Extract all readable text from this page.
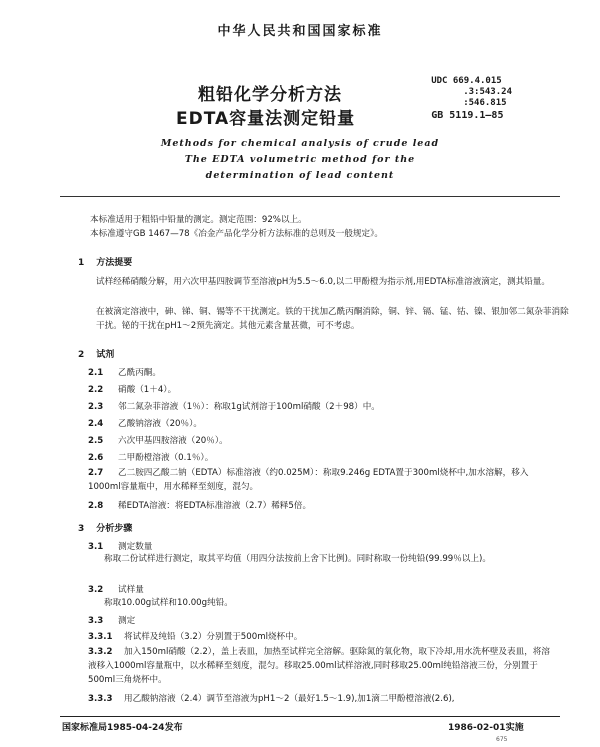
中华人民共和国国家标准
粗铅化学分析方法
EDTA容量法测定铅量
UDC 669.4.015
.3:543.24
:546.815
GB 5119.1—85
Methods for chemical analysis of crude lead
The EDTA volumetric method for the
determination of lead content
本标准适用于粗铅中铅量的测定。测定范围：92%以上。
本标准遵守GB 1467—78《冶金产品化学分析方法标准的总则及一般规定》。
1 方法提要
试样经稀硝酸分解，用六次甲基四胺调节至溶液pH为5.5～6.0,以二甲酚橙为指示剂,用EDTA标准溶液滴定，测其铅量。
在被滴定溶液中，砷、锑、铜、锡等不干扰测定。铁的干扰加乙酰丙酮消除，铜、锌、镉、锰、钴、镍、银加邻二氮杂菲消除干扰。铋的干扰在pH1～2预先滴定。其他元素含量甚微，可不考虑。
2 试剂
2.1 乙酰丙酮。
2.2 硝酸（1＋4）。
2.3 邻二氮杂菲溶液（1％）：称取1g试剂溶于100ml硝酸（2＋98）中。
2.4 乙酸钠溶液（20％）。
2.5 六次甲基四胺溶液（20％）。
2.6 二甲酚橙溶液（0.1％）。
2.7 乙二胺四乙酸二钠（EDTA）标准溶液（约0.025M）：称取9.246g EDTA置于300ml烧杯中,加水溶解，移入1000ml容量瓶中，用水稀释至刻度，混匀。
2.8 稀EDTA溶液：将EDTA标准溶液（2.7）稀释5倍。
3 分析步骤
3.1 测定数量
称取二份试样进行测定，取其平均值（用四分法按前上舍下比例)。同时称取一份纯铅(99.99％以上)。
3.2 试样量
称取10.00g试样和10.00g纯铅。
3.3 测定
3.3.1 将试样及纯铅（3.2）分别置于500ml烧杯中。
3.3.2 加入150ml硝酸（2.2），盖上表皿，加热至试样完全溶解。驱除氮的氧化物，取下冷却,用水洗杯壁及表皿，将溶液移入1000ml容量瓶中，以水稀释至刻度，混匀。移取25.00ml试样溶液,同时移取25.00ml纯铅溶液三份，分别置于500ml三角烧杯中。
3.3.3 用乙酸钠溶液（2.4）调节至溶液为pH1～2（最好1.5～1.9),加1滴二甲酚橙溶液(2.6),
国家标准局1985-04-24发布	1986-02-01实施
675
